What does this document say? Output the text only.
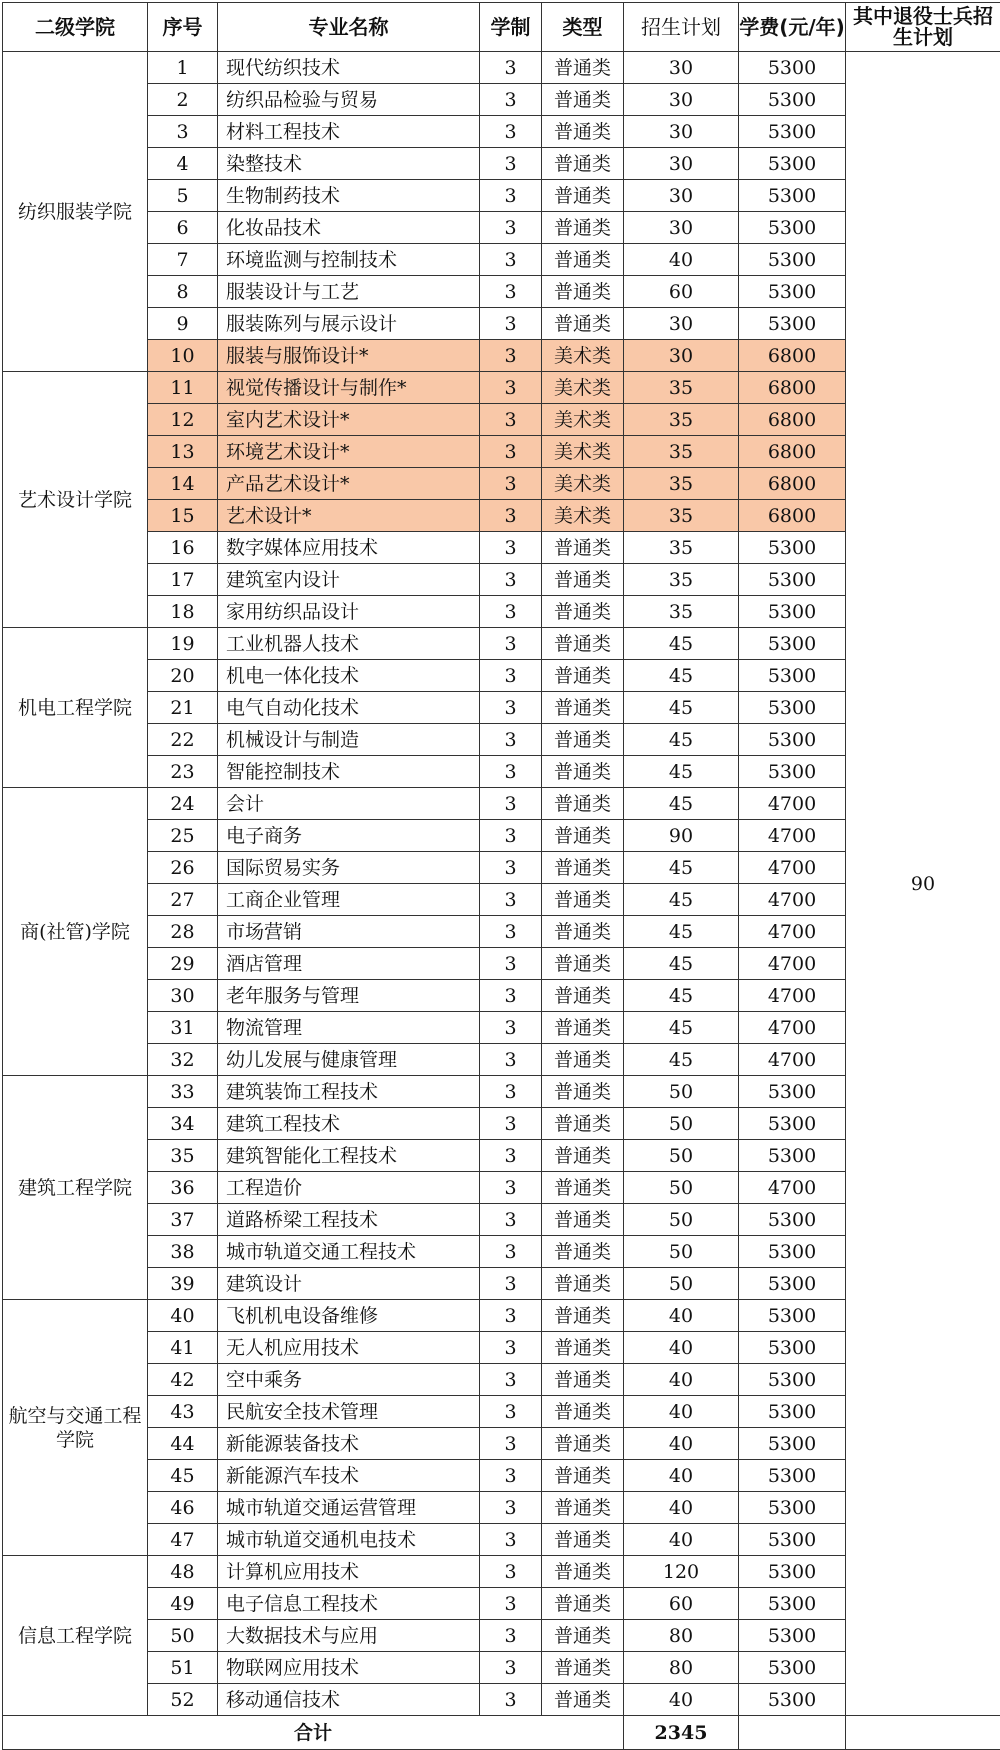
二级学院	序号	专业名称	学制	类型	招生计划	学费(元/年)	其中退役士兵招生计划
纺织服装学院	1	现代纺织技术	3	普通类	30	5300	90
	2	纺织品检验与贸易	3	普通类	30	5300	
	3	材料工程技术	3	普通类	30	5300	
	4	染整技术	3	普通类	30	5300	
	5	生物制药技术	3	普通类	30	5300	
	6	化妆品技术	3	普通类	30	5300	
	7	环境监测与控制技术	3	普通类	40	5300	
	8	服装设计与工艺	3	普通类	60	5300	
	9	服装陈列与展示设计	3	普通类	30	5300	
	10	服装与服饰设计*	3	美术类	30	6800	
艺术设计学院	11	视觉传播设计与制作*	3	美术类	35	6800	
	12	室内艺术设计*	3	美术类	35	6800	
	13	环境艺术设计*	3	美术类	35	6800	
	14	产品艺术设计*	3	美术类	35	6800	
	15	艺术设计*	3	美术类	35	6800	
	16	数字媒体应用技术	3	普通类	35	5300	
	17	建筑室内设计	3	普通类	35	5300	
	18	家用纺织品设计	3	普通类	35	5300	
机电工程学院	19	工业机器人技术	3	普通类	45	5300	
	20	机电一体化技术	3	普通类	45	5300	
	21	电气自动化技术	3	普通类	45	5300	
	22	机械设计与制造	3	普通类	45	5300	
	23	智能控制技术	3	普通类	45	5300	
商(社管)学院	24	会计	3	普通类	45	4700	
	25	电子商务	3	普通类	90	4700	
	26	国际贸易实务	3	普通类	45	4700	
	27	工商企业管理	3	普通类	45	4700	
	28	市场营销	3	普通类	45	4700	
	29	酒店管理	3	普通类	45	4700	
	30	老年服务与管理	3	普通类	45	4700	
	31	物流管理	3	普通类	45	4700	
	32	幼儿发展与健康管理	3	普通类	45	4700	
建筑工程学院	33	建筑装饰工程技术	3	普通类	50	5300	
	34	建筑工程技术	3	普通类	50	5300	
	35	建筑智能化工程技术	3	普通类	50	5300	
	36	工程造价	3	普通类	50	4700	
	37	道路桥梁工程技术	3	普通类	50	5300	
	38	城市轨道交通工程技术	3	普通类	50	5300	
	39	建筑设计	3	普通类	50	5300	
航空与交通工程学院	40	飞机机电设备维修	3	普通类	40	5300	
	41	无人机应用技术	3	普通类	40	5300	
	42	空中乘务	3	普通类	40	5300	
	43	民航安全技术管理	3	普通类	40	5300	
	44	新能源装备技术	3	普通类	40	5300	
	45	新能源汽车技术	3	普通类	40	5300	
	46	城市轨道交通运营管理	3	普通类	40	5300	
	47	城市轨道交通机电技术	3	普通类	40	5300	
信息工程学院	48	计算机应用技术	3	普通类	120	5300	
	49	电子信息工程技术	3	普通类	60	5300	
	50	大数据技术与应用	3	普通类	80	5300	
	51	物联网应用技术	3	普通类	80	5300	
	52	移动通信技术	3	普通类	40	5300	
合计					2345		
